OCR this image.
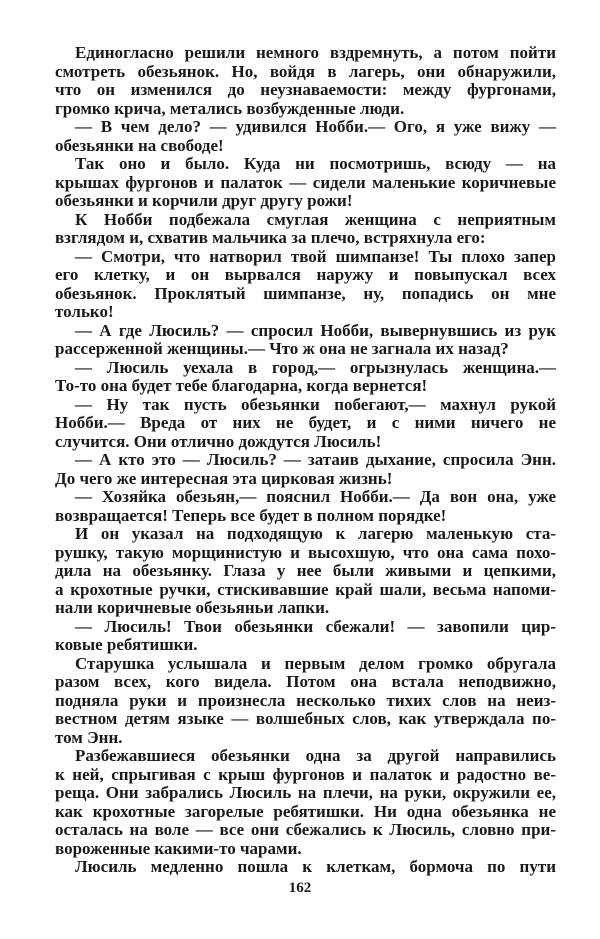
Единогласно решили немного вздремнуть, а потом пойти
смотреть обезьянок. Но, войдя в лагерь, они обнаружили,
что он изменился до неузнаваемости: между фургонами,
громко крича, метались возбужденные люди.
— В чем дело? — удивился Нобби.— Ого, я уже вижу —
обезьянки на свободе!
Так оно и было. Куда ни посмотришь, всюду — на
крышах фургонов и палаток — сидели маленькие коричневые
обезьянки и корчили друг другу рожи!
К Нобби подбежала смуглая женщина с неприятным
взглядом и, схватив мальчика за плечо, встряхнула его:
— Смотри, что натворил твой шимпанзе! Ты плохо запер
его клетку, и он вырвался наружу и повыпускал всех
обезьянок. Проклятый шимпанзе, ну, попадись он мне
только!
— А где Люсиль? — спросил Нобби, вывернувшись из рук
рассерженной женщины.— Что ж она не загнала их назад?
— Люсиль уехала в город,— огрызнулась женщина.—
То-то она будет тебе благодарна, когда вернется!
— Ну так пусть обезьянки побегают,— махнул рукой
Нобби.— Вреда от них не будет, и с ними ничего не
случится. Они отлично дождутся Люсиль!
— А кто это — Люсиль? — затаив дыхание, спросила Энн.
До чего же интересная эта цирковая жизнь!
— Хозяйка обезьян,— пояснил Нобби.— Да вон она, уже
возвращается! Теперь все будет в полном порядке!
И он указал на подходящую к лагерю маленькую ста-
рушку, такую морщинистую и высохшую, что она сама похо-
дила на обезьянку. Глаза у нее были живыми и цепкими,
а крохотные ручки, стискивавшие край шали, весьма напоми-
нали коричневые обезьяньи лапки.
— Люсиль! Твои обезьянки сбежали! — завопили цир-
ковые ребятишки.
Старушка услышала и первым делом громко обругала
разом всех, кого видела. Потом она встала неподвижно,
подняла руки и произнесла несколько тихих слов на неиз-
вестном детям языке — волшебных слов, как утверждала по-
том Энн.
Разбежавшиеся обезьянки одна за другой направились
к ней, спрыгивая с крыш фургонов и палаток и радостно ве-
реща. Они забрались Люсиль на плечи, на руки, окружили ее,
как крохотные загорелые ребятишки. Ни одна обезьянка не
осталась на воле — все они сбежались к Люсиль, словно при-
вороженные какими-то чарами.
Люсиль медленно пошла к клеткам, бормоча по пути
162
